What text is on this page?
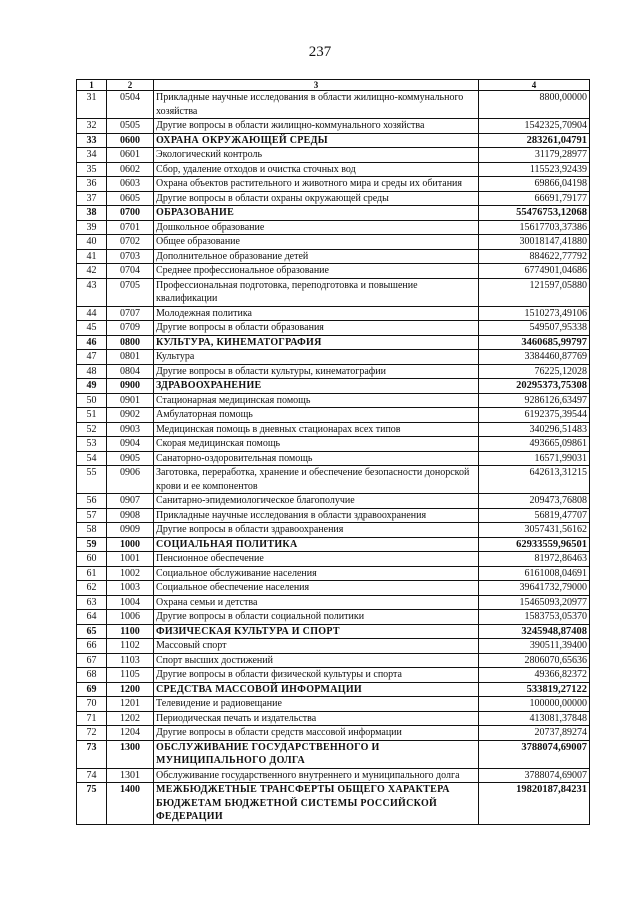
237
1	2	3	4
31	0504	Прикладные научные исследования в области жилищно-коммунального хозяйства	8800,00000
32	0505	Другие вопросы в области жилищно-коммунального хозяйства	1542325,70904
33	0600	ОХРАНА ОКРУЖАЮЩЕЙ СРЕДЫ	283261,04791
34	0601	Экологический контроль	31179,28977
35	0602	Сбор, удаление отходов и очистка сточных вод	115523,92439
36	0603	Охрана объектов растительного и животного мира и среды их обитания	69866,04198
37	0605	Другие вопросы в области охраны окружающей среды	66691,79177
38	0700	ОБРАЗОВАНИЕ	55476753,12068
39	0701	Дошкольное образование	15617703,37386
40	0702	Общее образование	30018147,41880
41	0703	Дополнительное образование детей	884622,77792
42	0704	Среднее профессиональное образование	6774901,04686
43	0705	Профессиональная подготовка, переподготовка и повышение квалификации	121597,05880
44	0707	Молодежная политика	1510273,49106
45	0709	Другие вопросы в области образования	549507,95338
46	0800	КУЛЬТУРА, КИНЕМАТОГРАФИЯ	3460685,99797
47	0801	Культура	3384460,87769
48	0804	Другие вопросы в области культуры, кинематографии	76225,12028
49	0900	ЗДРАВООХРАНЕНИЕ	20295373,75308
50	0901	Стационарная медицинская помощь	9286126,63497
51	0902	Амбулаторная помощь	6192375,39544
52	0903	Медицинская помощь в дневных стационарах всех типов	340296,51483
53	0904	Скорая медицинская помощь	493665,09861
54	0905	Санаторно-оздоровительная помощь	16571,99031
55	0906	Заготовка, переработка, хранение и обеспечение безопасности донорской крови и ее компонентов	642613,31215
56	0907	Санитарно-эпидемиологическое благополучие	209473,76808
57	0908	Прикладные научные исследования в области здравоохранения	56819,47707
58	0909	Другие вопросы в области здравоохранения	3057431,56162
59	1000	СОЦИАЛЬНАЯ ПОЛИТИКА	62933559,96501
60	1001	Пенсионное обеспечение	81972,86463
61	1002	Социальное обслуживание населения	6161008,04691
62	1003	Социальное обеспечение населения	39641732,79000
63	1004	Охрана семьи и детства	15465093,20977
64	1006	Другие вопросы в области социальной политики	1583753,05370
65	1100	ФИЗИЧЕСКАЯ КУЛЬТУРА И СПОРТ	3245948,87408
66	1102	Массовый спорт	390511,39400
67	1103	Спорт высших достижений	2806070,65636
68	1105	Другие вопросы в области физической культуры и спорта	49366,82372
69	1200	СРЕДСТВА МАССОВОЙ ИНФОРМАЦИИ	533819,27122
70	1201	Телевидение и радиовещание	100000,00000
71	1202	Периодическая печать и издательства	413081,37848
72	1204	Другие вопросы в области средств массовой информации	20737,89274
73	1300	ОБСЛУЖИВАНИЕ ГОСУДАРСТВЕННОГО И МУНИЦИПАЛЬНОГО ДОЛГА	3788074,69007
74	1301	Обслуживание государственного внутреннего и муниципального долга	3788074,69007
75	1400	МЕЖБЮДЖЕТНЫЕ ТРАНСФЕРТЫ ОБЩЕГО ХАРАКТЕРА БЮДЖЕТАМ БЮДЖЕТНОЙ СИСТЕМЫ РОССИЙСКОЙ ФЕДЕРАЦИИ	19820187,84231
